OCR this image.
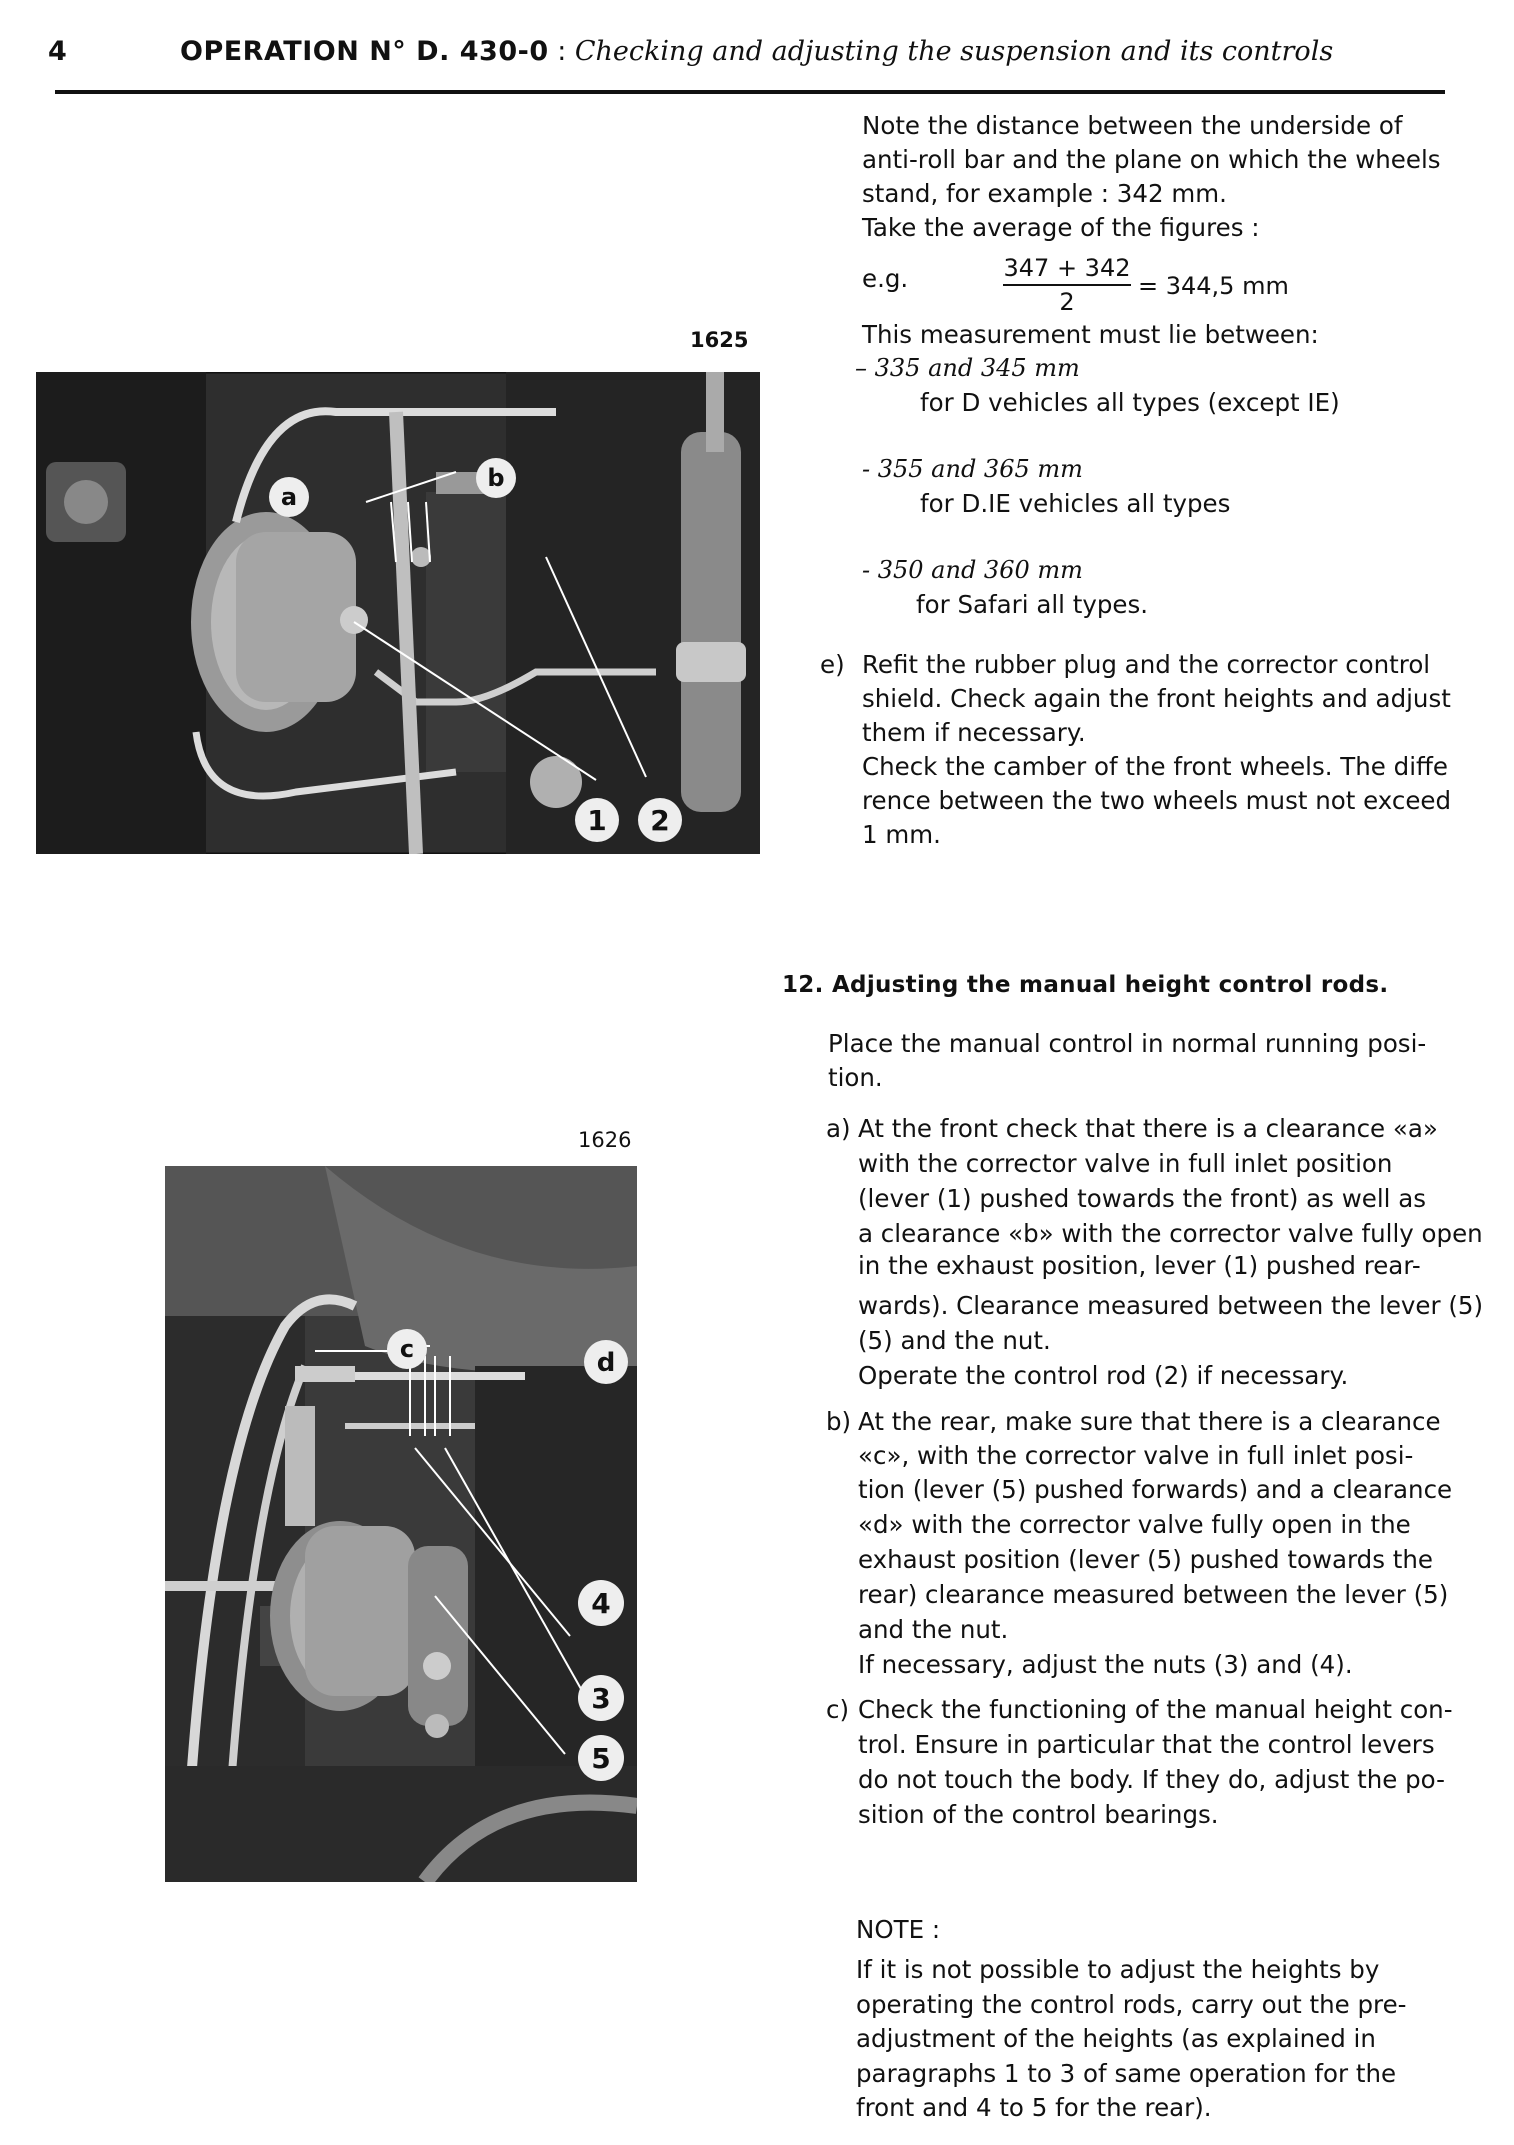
4	OPERATION N° D. 430-0 : Checking and adjusting the suspension and its controls
1625
a
b
1 2
1626
c	d
4
3
5
Note the distance between the underside of
anti-roll bar and the plane on which the wheels
stand, for example : 342 mm.
Take the average of the figures :
e.g.	347 + 342
2
= 344,5 mm
This measurement must lie between:
– 335 and 345 mm
for D vehicles all types (except IE)
- 355 and 365 mm
for D.IE vehicles all types
- 350 and 360 mm
for Safari all types.
e) Refit the rubber plug and the corrector control
shield. Check again the front heights and adjust
them if necessary.
Check the camber of the front wheels. The diffe
rence between the two wheels must not exceed
1 mm.
12. Adjusting the manual height control rods.
Place the manual control in normal running posi-
tion.
a) At the front check that there is a clearance «a»
with the corrector valve in full inlet position
(lever (1) pushed towards the front) as well as
a clearance «b» with the corrector valve fully open
in the exhaust position, lever (1) pushed rear-
wards). Clearance measured between the lever (5)
(5) and the nut.
Operate the control rod (2) if necessary.
b) At the rear, make sure that there is a clearance
«c», with the corrector valve in full inlet posi-
tion (lever (5) pushed forwards) and a clearance
«d» with the corrector valve fully open in the
exhaust position (lever (5) pushed towards the
rear) clearance measured between the lever (5)
and the nut.
If necessary, adjust the nuts (3) and (4).
c) Check the functioning of the manual height con-
trol. Ensure in particular that the control levers
do not touch the body. If they do, adjust the po-
sition of the control bearings.
NOTE :
If it is not possible to adjust the heights by
operating the control rods, carry out the pre-
adjustment of the heights (as explained in
paragraphs 1 to 3 of same operation for the
front and 4 to 5 for the rear).
